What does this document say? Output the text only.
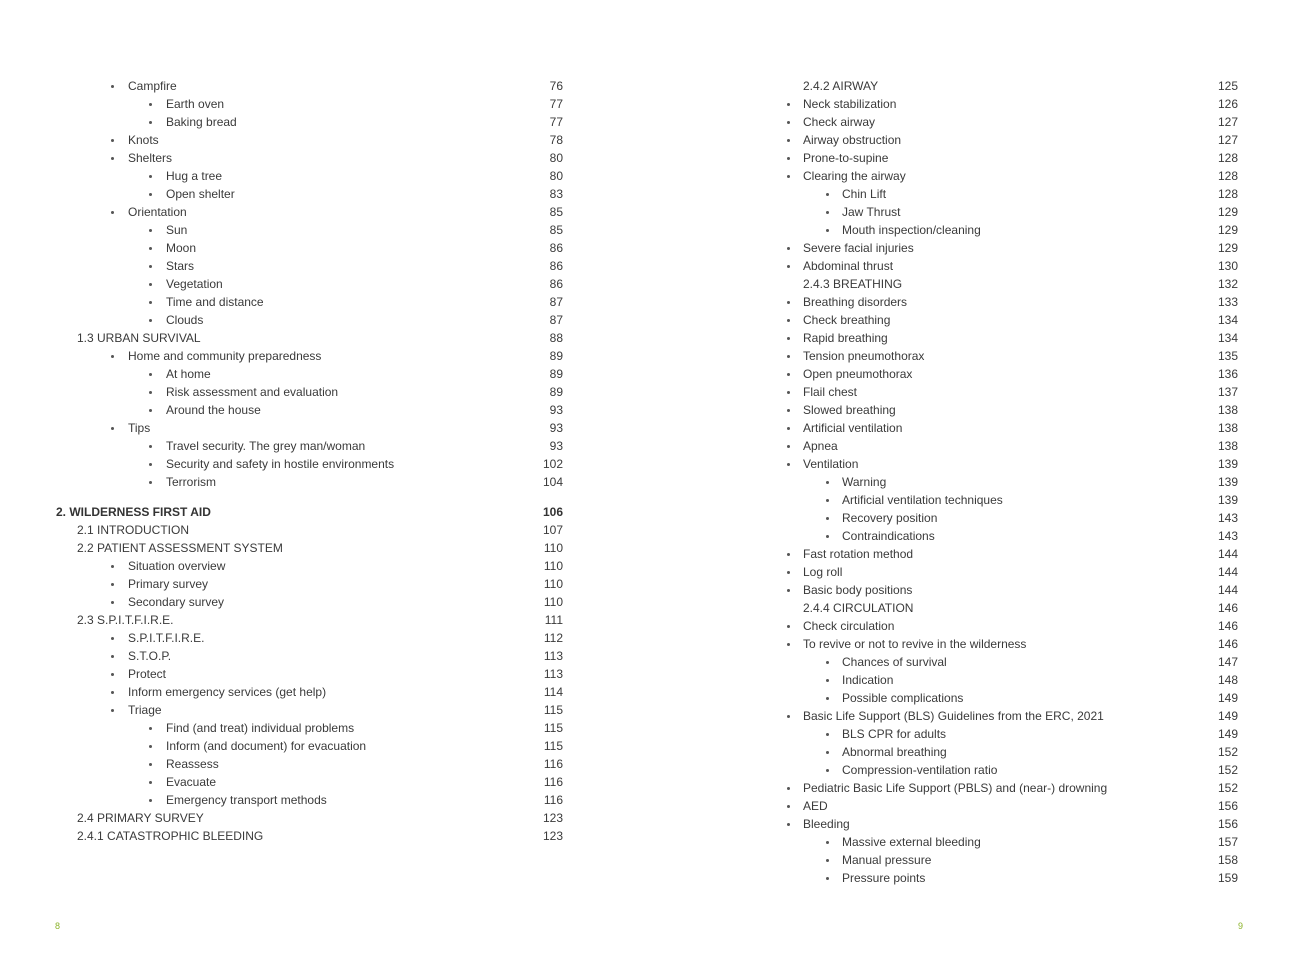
Campfire	76
Earth oven	77
Baking bread	77
Knots	78
Shelters	80
Hug a tree	80
Open shelter	83
Orientation	85
Sun	85
Moon	86
Stars	86
Vegetation	86
Time and distance	87
Clouds	87
1.3 URBAN SURVIVAL	88
Home and community preparedness	89
At home	89
Risk assessment and evaluation	89
Around the house	93
Tips	93
Travel security. The grey man/woman	93
Security and safety in hostile environments	102
Terrorism	104
2. WILDERNESS FIRST AID	106
2.1 INTRODUCTION	107
2.2 PATIENT ASSESSMENT SYSTEM	110
Situation overview	110
Primary survey	110
Secondary survey	110
2.3 S.P.I.T.F.I.R.E.	111
S.P.I.T.F.I.R.E.	112
S.T.O.P.	113
Protect	113
Inform emergency services (get help)	114
Triage	115
Find (and treat) individual problems	115
Inform (and document) for evacuation	115
Reassess	116
Evacuate	116
Emergency transport methods	116
2.4 PRIMARY SURVEY	123
2.4.1 CATASTROPHIC BLEEDING	123
2.4.2 AIRWAY	125
Neck stabilization	126
Check airway	127
Airway obstruction	127
Prone-to-supine	128
Clearing the airway	128
Chin Lift	128
Jaw Thrust	129
Mouth inspection/cleaning	129
Severe facial injuries	129
Abdominal thrust	130
2.4.3 BREATHING	132
Breathing disorders	133
Check breathing	134
Rapid breathing	134
Tension pneumothorax	135
Open pneumothorax	136
Flail chest	137
Slowed breathing	138
Artificial ventilation	138
Apnea	138
Ventilation	139
Warning	139
Artificial ventilation techniques	139
Recovery position	143
Contraindications	143
Fast rotation method	144
Log roll	144
Basic body positions	144
2.4.4 CIRCULATION	146
Check circulation	146
To revive or not to revive in the wilderness	146
Chances of survival	147
Indication	148
Possible complications	149
Basic Life Support (BLS) Guidelines from the ERC, 2021	149
BLS CPR for adults	149
Abnormal breathing	152
Compression-ventilation ratio	152
Pediatric Basic Life Support (PBLS) and (near-) drowning	152
AED	156
Bleeding	156
Massive external bleeding	157
Manual pressure	158
Pressure points	159
8	9
